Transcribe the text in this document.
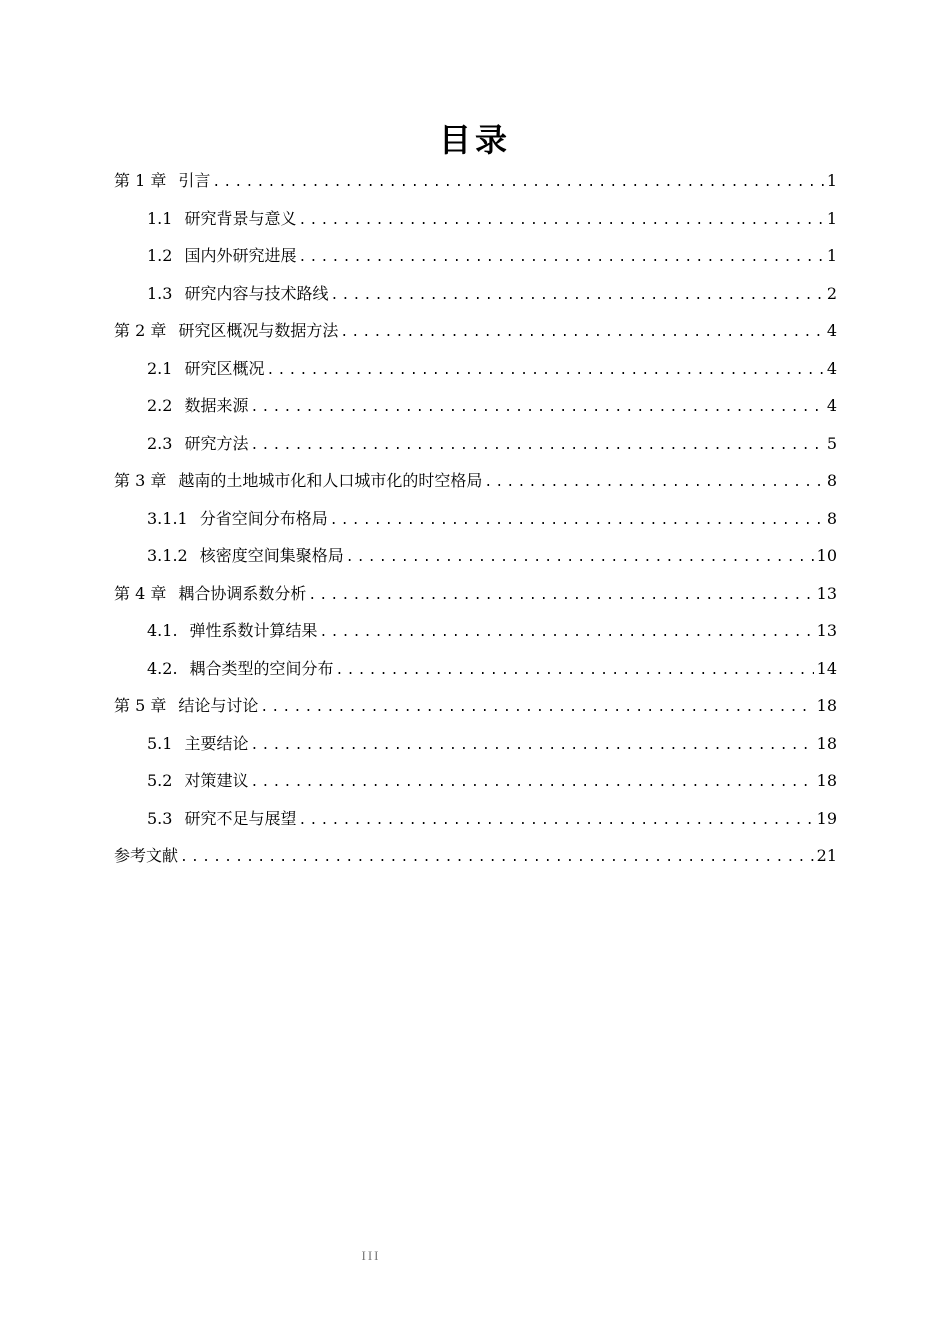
目录
第 1 章 引言 .....	1
1.1 研究背景与意义 .....	1
1.2 国内外研究进展 .....	1
1.3 研究内容与技术路线 .....	2
第 2 章 研究区概况与数据方法 .....	4
2.1 研究区概况 .....	4
2.2 数据来源 .....	4
2.3 研究方法 .....	5
第 3 章 越南的土地城市化和人口城市化的时空格局 .....	8
3.1.1 分省空间分布格局 .....	8
3.1.2 核密度空间集聚格局 .....	10
第 4 章 耦合协调系数分析 .....	13
4.1. 弹性系数计算结果 .....	13
4.2. 耦合类型的空间分布 .....	14
第 5 章 结论与讨论 .....	18
5.1 主要结论 .....	18
5.2 对策建议 .....	18
5.3 研究不足与展望 .....	19
参考文献 .....	21
III
